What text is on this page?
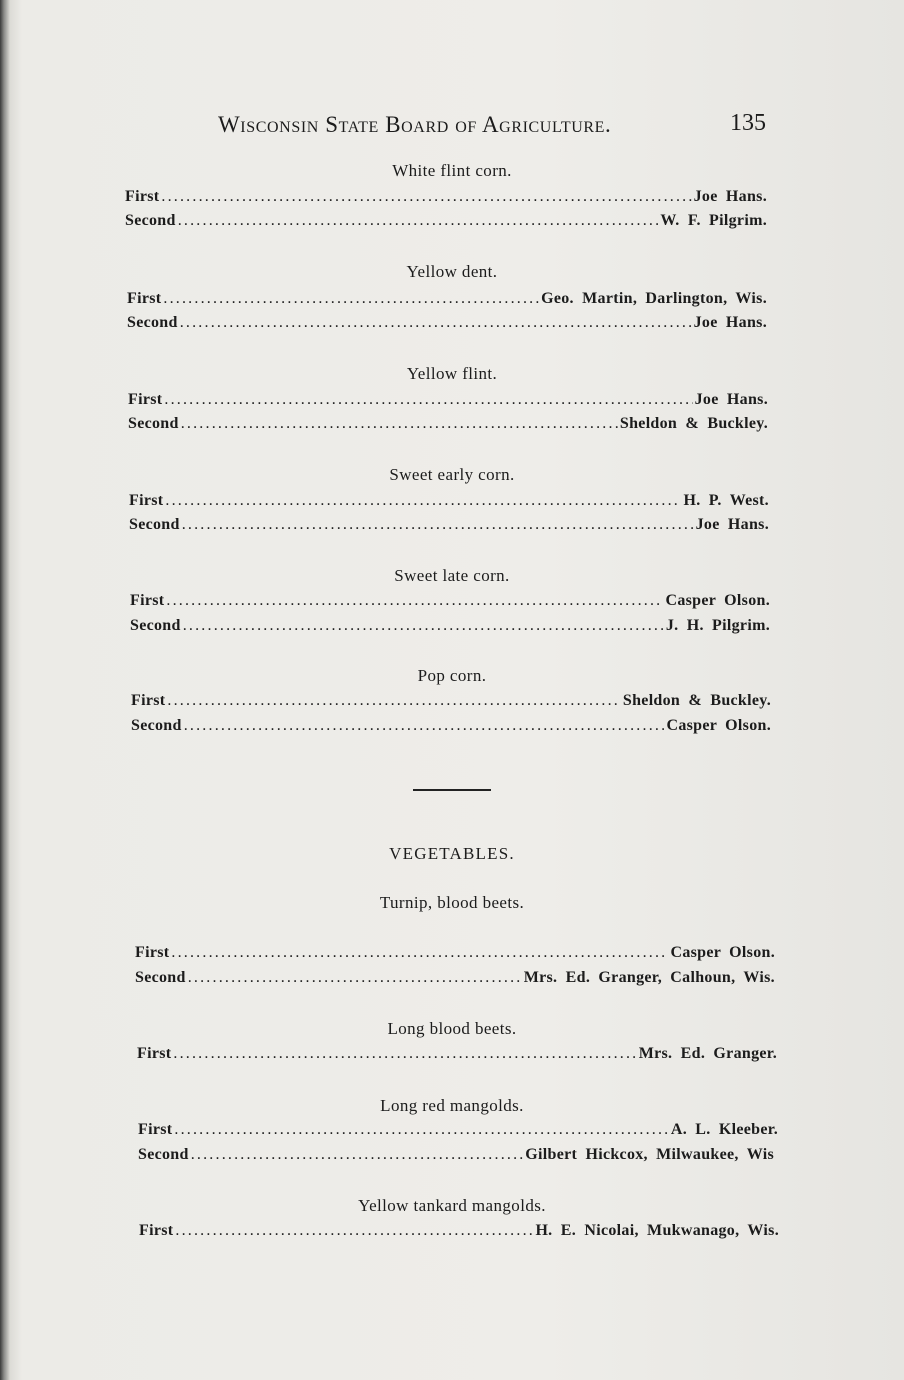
Wisconsin State Board of Agriculture.	135
White flint corn.
First .....	Joe Hans.
Second .....	W. F. Pilgrim.
Yellow dent.
First .....	Geo. Martin, Darlington, Wis.
Second .....	Joe Hans.
Yellow flint.
First .....	Joe Hans.
Second .....	Sheldon & Buckley.
Sweet early corn.
First .....	H. P. West.
Second .....	Joe Hans.
Sweet late corn.
First .....	Casper Olson.
Second .....	J. H. Pilgrim.
Pop corn.
First .....	Sheldon & Buckley.
Second .....	Casper Olson.
VEGETABLES.
Turnip, blood beets.
First .....	Casper Olson.
Second .....	Mrs. Ed. Granger, Calhoun, Wis.
Long blood beets.
First .....	Mrs. Ed. Granger.
Long red mangolds.
First .....	A. L. Kleeber.
Second .....	Gilbert Hickcox, Milwaukee, Wis
Yellow tankard mangolds.
First .....	H. E. Nicolai, Mukwanago, Wis.
